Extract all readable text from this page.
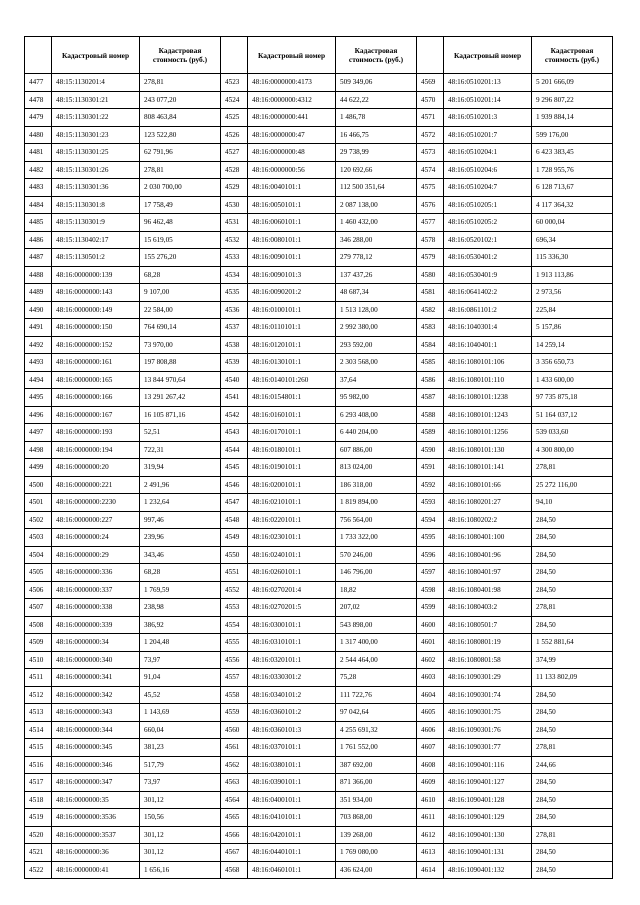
	Кадастровый номер	Кадастровая стоимость (руб.)
4477	48:15:1130201:4	278,81
4478	48:15:1130301:21	243 077,20
4479	48:15:1130301:22	808 463,84
4480	48:15:1130301:23	123 522,80
4481	48:15:1130301:25	62 791,96
4482	48:15:1130301:26	278,81
4483	48:15:1130301:36	2 030 700,00
4484	48:15:1130301:8	17 758,49
4485	48:15:1130301:9	96 462,48
4486	48:15:1130402:17	15 619,05
4487	48:15:1130501:2	155 276,20
4488	48:16:0000000:139	68,28
4489	48:16:0000000:143	9 107,00
4490	48:16:0000000:149	22 584,00
4491	48:16:0000000:150	764 690,14
4492	48:16:0000000:152	73 970,00
4493	48:16:0000000:161	197 808,88
4494	48:16:0000000:165	13 844 970,64
4495	48:16:0000000:166	13 291 267,42
4496	48:16:0000000:167	16 105 871,16
4497	48:16:0000000:193	52,51
4498	48:16:0000000:194	722,31
4499	48:16:0000000:20	319,94
4500	48:16:0000000:221	2 491,96
4501	48:16:0000000:2230	1 232,64
4502	48:16:0000000:227	997,46
4503	48:16:0000000:24	239,96
4504	48:16:0000000:29	343,46
4505	48:16:0000000:336	68,28
4506	48:16:0000000:337	1 769,59
4507	48:16:0000000:338	238,98
4508	48:16:0000000:339	386,92
4509	48:16:0000000:34	1 204,48
4510	48:16:0000000:340	73,97
4511	48:16:0000000:341	91,04
4512	48:16:0000000:342	45,52
4513	48:16:0000000:343	1 143,69
4514	48:16:0000000:344	660,04
4515	48:16:0000000:345	381,23
4516	48:16:0000000:346	517,79
4517	48:16:0000000:347	73,97
4518	48:16:0000000:35	301,12
4519	48:16:0000000:3536	150,56
4520	48:16:0000000:3537	301,12
4521	48:16:0000000:36	301,12
4522	48:16:0000000:41	1 656,16
	Кадастровый номер	Кадастровая стоимость (руб.)
4523	48:16:0000000:4173	509 349,06
4524	48:16:0000000:4312	44 622,22
4525	48:16:0000000:441	1 486,78
4526	48:16:0000000:47	16 466,75
4527	48:16:0000000:48	29 738,99
4528	48:16:0000000:56	120 692,66
4529	48:16:0040101:1	112 500 351,64
4530	48:16:0050101:1	2 087 138,00
4531	48:16:0060101:1	1 460 432,00
4532	48:16:0080101:1	346 288,00
4533	48:16:0090101:1	279 778,12
4534	48:16:0090101:3	137 437,26
4535	48:16:0090201:2	48 687,34
4536	48:16:0100101:1	1 513 128,00
4537	48:16:0110101:1	2 992 380,00
4538	48:16:0120101:1	293 592,00
4539	48:16:0130101:1	2 303 568,00
4540	48:16:0140101:260	37,64
4541	48:16:0154801:1	95 982,00
4542	48:16:0160101:1	6 293 408,00
4543	48:16:0170101:1	6 440 204,00
4544	48:16:0180101:1	607 886,00
4545	48:16:0190101:1	813 024,00
4546	48:16:0200101:1	186 318,00
4547	48:16:0210101:1	1 819 894,00
4548	48:16:0220101:1	756 564,00
4549	48:16:0230101:1	1 733 322,00
4550	48:16:0240101:1	570 246,00
4551	48:16:0260101:1	146 796,00
4552	48:16:0270201:4	18,82
4553	48:16:0270201:5	207,02
4554	48:16:0300101:1	543 898,00
4555	48:16:0310101:1	1 317 400,00
4556	48:16:0320101:1	2 544 464,00
4557	48:16:0330301:2	75,28
4558	48:16:0340101:2	111 722,76
4559	48:16:0360101:2	97 042,64
4560	48:16:0360101:3	4 255 691,32
4561	48:16:0370101:1	1 761 552,00
4562	48:16:0380101:1	387 692,00
4563	48:16:0390101:1	871 366,00
4564	48:16:0400101:1	351 934,00
4565	48:16:0410101:1	703 868,00
4566	48:16:0420101:1	139 268,00
4567	48:16:0440101:1	1 769 080,00
4568	48:16:0460101:1	436 624,00
	Кадастровый номер	Кадастровая стоимость (руб.)
4569	48:16:0510201:13	5 201 666,09
4570	48:16:0510201:14	9 296 807,22
4571	48:16:0510201:3	1 939 884,14
4572	48:16:0510201:7	599 176,00
4573	48:16:0510204:1	6 423 383,45
4574	48:16:0510204:6	1 728 955,76
4575	48:16:0510204:7	6 128 713,67
4576	48:16:0510205:1	4 117 364,32
4577	48:16:0510205:2	60 000,04
4578	48:16:0520102:1	696,34
4579	48:16:0530401:2	115 336,30
4580	48:16:0530401:9	1 913 113,86
4581	48:16:0641402:2	2 973,56
4582	48:16:0861101:2	225,84
4583	48:16:1040301:4	5 157,86
4584	48:16:1040401:1	14 259,14
4585	48:16:1080101:106	3 356 650,73
4586	48:16:1080101:110	1 433 600,00
4587	48:16:1080101:1238	97 735 875,18
4588	48:16:1080101:1243	51 164 037,12
4589	48:16:1080101:1256	539 033,60
4590	48:16:1080101:130	4 300 800,00
4591	48:16:1080101:141	278,81
4592	48:16:1080101:66	25 272 116,00
4593	48:16:1080201:27	94,10
4594	48:16:1080202:2	284,50
4595	48:16:1080401:100	284,50
4596	48:16:1080401:96	284,50
4597	48:16:1080401:97	284,50
4598	48:16:1080401:98	284,50
4599	48:16:1080403:2	278,81
4600	48:16:1080501:7	284,50
4601	48:16:1080801:19	1 552 881,64
4602	48:16:1080801:58	374,99
4603	48:16:1090301:29	11 133 802,09
4604	48:16:1090301:74	284,50
4605	48:16:1090301:75	284,50
4606	48:16:1090301:76	284,50
4607	48:16:1090301:77	278,81
4608	48:16:1090401:116	244,66
4609	48:16:1090401:127	284,50
4610	48:16:1090401:128	284,50
4611	48:16:1090401:129	284,50
4612	48:16:1090401:130	278,81
4613	48:16:1090401:131	284,50
4614	48:16:1090401:132	284,50
